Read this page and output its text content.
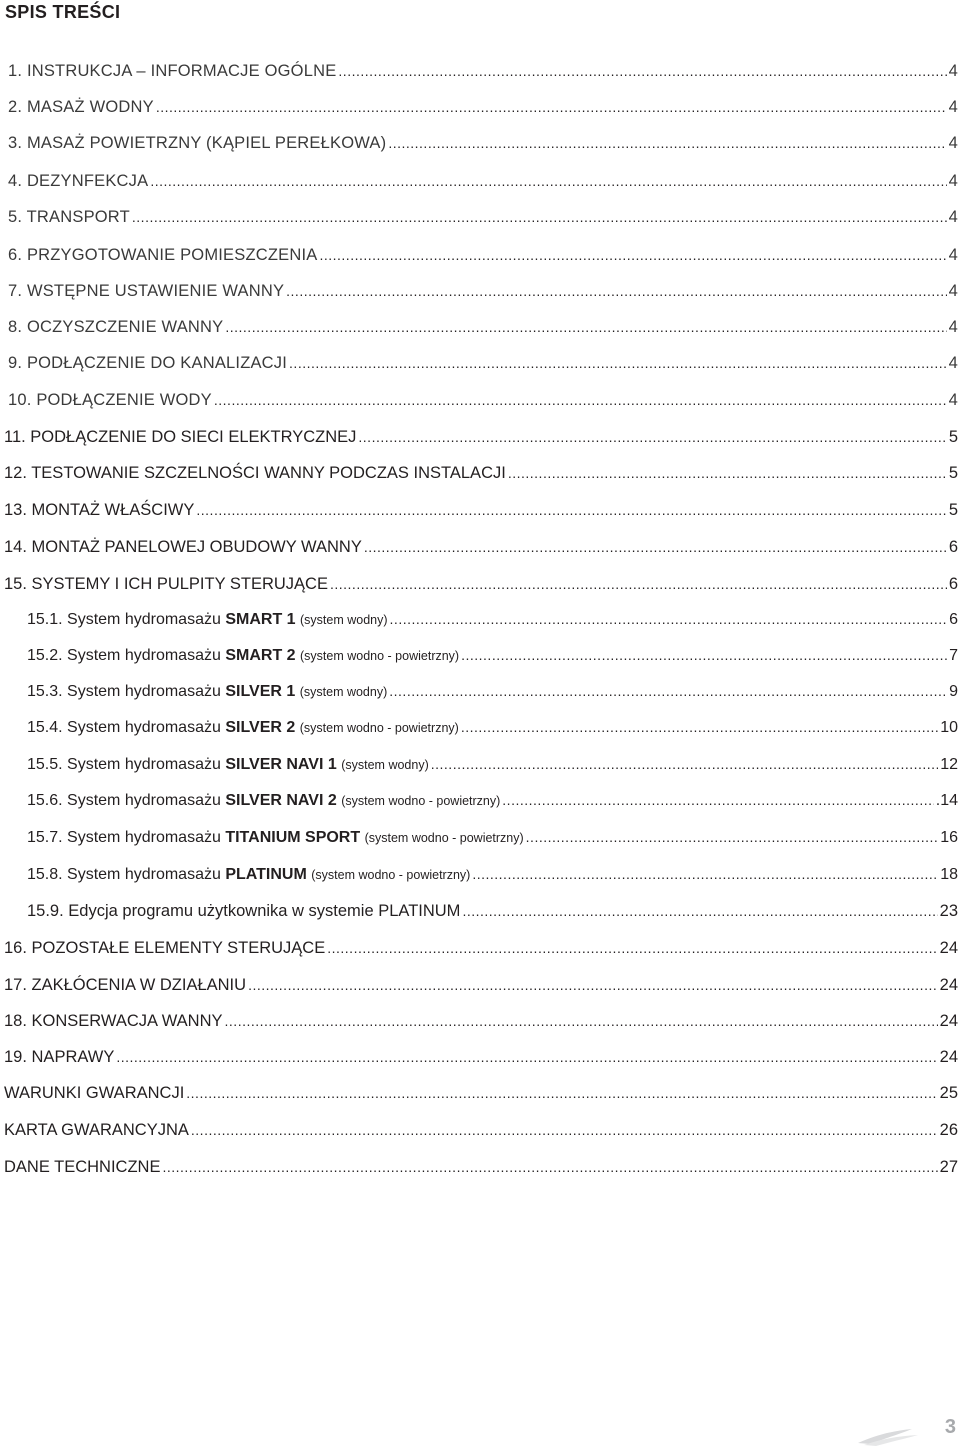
SPIS TREŚCI
1. INSTRUKCJA – INFORMACJE OGÓLNE .....	4
2. MASAŻ WODNY .....	4
3. MASAŻ POWIETRZNY (KĄPIEL PEREŁKOWA) .....	4
4. DEZYNFEKCJA .....	4
5. TRANSPORT .....	4
6. PRZYGOTOWANIE POMIESZCZENIA .....	4
7. WSTĘPNE USTAWIENIE WANNY .....	4
8. OCZYSZCZENIE WANNY .....	4
9. PODŁĄCZENIE DO KANALIZACJI .....	4
10. PODŁĄCZENIE WODY .....	4
11. PODŁĄCZENIE DO SIECI ELEKTRYCZNEJ .....	5
12. TESTOWANIE SZCZELNOŚCI WANNY PODCZAS INSTALACJI .....	5
13. MONTAŻ WŁAŚCIWY .....	5
14. MONTAŻ PANELOWEJ OBUDOWY WANNY .....	6
15. SYSTEMY I ICH PULPITY STERUJĄCE .....	6
15.1. System hydromasażu SMART 1 (system wodny) .....	6
15.2. System hydromasażu SMART 2 (system wodno - powietrzny) .....	7
15.3. System hydromasażu SILVER 1 (system wodny) .....	9
15.4. System hydromasażu SILVER 2 (system wodno - powietrzny) .....	10
15.5. System hydromasażu SILVER NAVI 1 (system wodny) .....	12
15.6. System hydromasażu SILVER NAVI 2 (system wodno - powietrzny) .....	.14
15.7. System hydromasażu TITANIUM SPORT (system wodno - powietrzny) .....	16
15.8. System hydromasażu PLATINUM (system wodno - powietrzny) .....	18
15.9. Edycja programu użytkownika w systemie PLATINUM .....	23
16. POZOSTAŁE ELEMENTY STERUJĄCE .....	24
17. ZAKŁÓCENIA W DZIAŁANIU .....	24
18. KONSERWACJA WANNY .....	24
19. NAPRAWY .....	24
WARUNKI GWARANCJI .....	25
KARTA GWARANCYJNA .....	26
DANE TECHNICZNE .....	27
3
